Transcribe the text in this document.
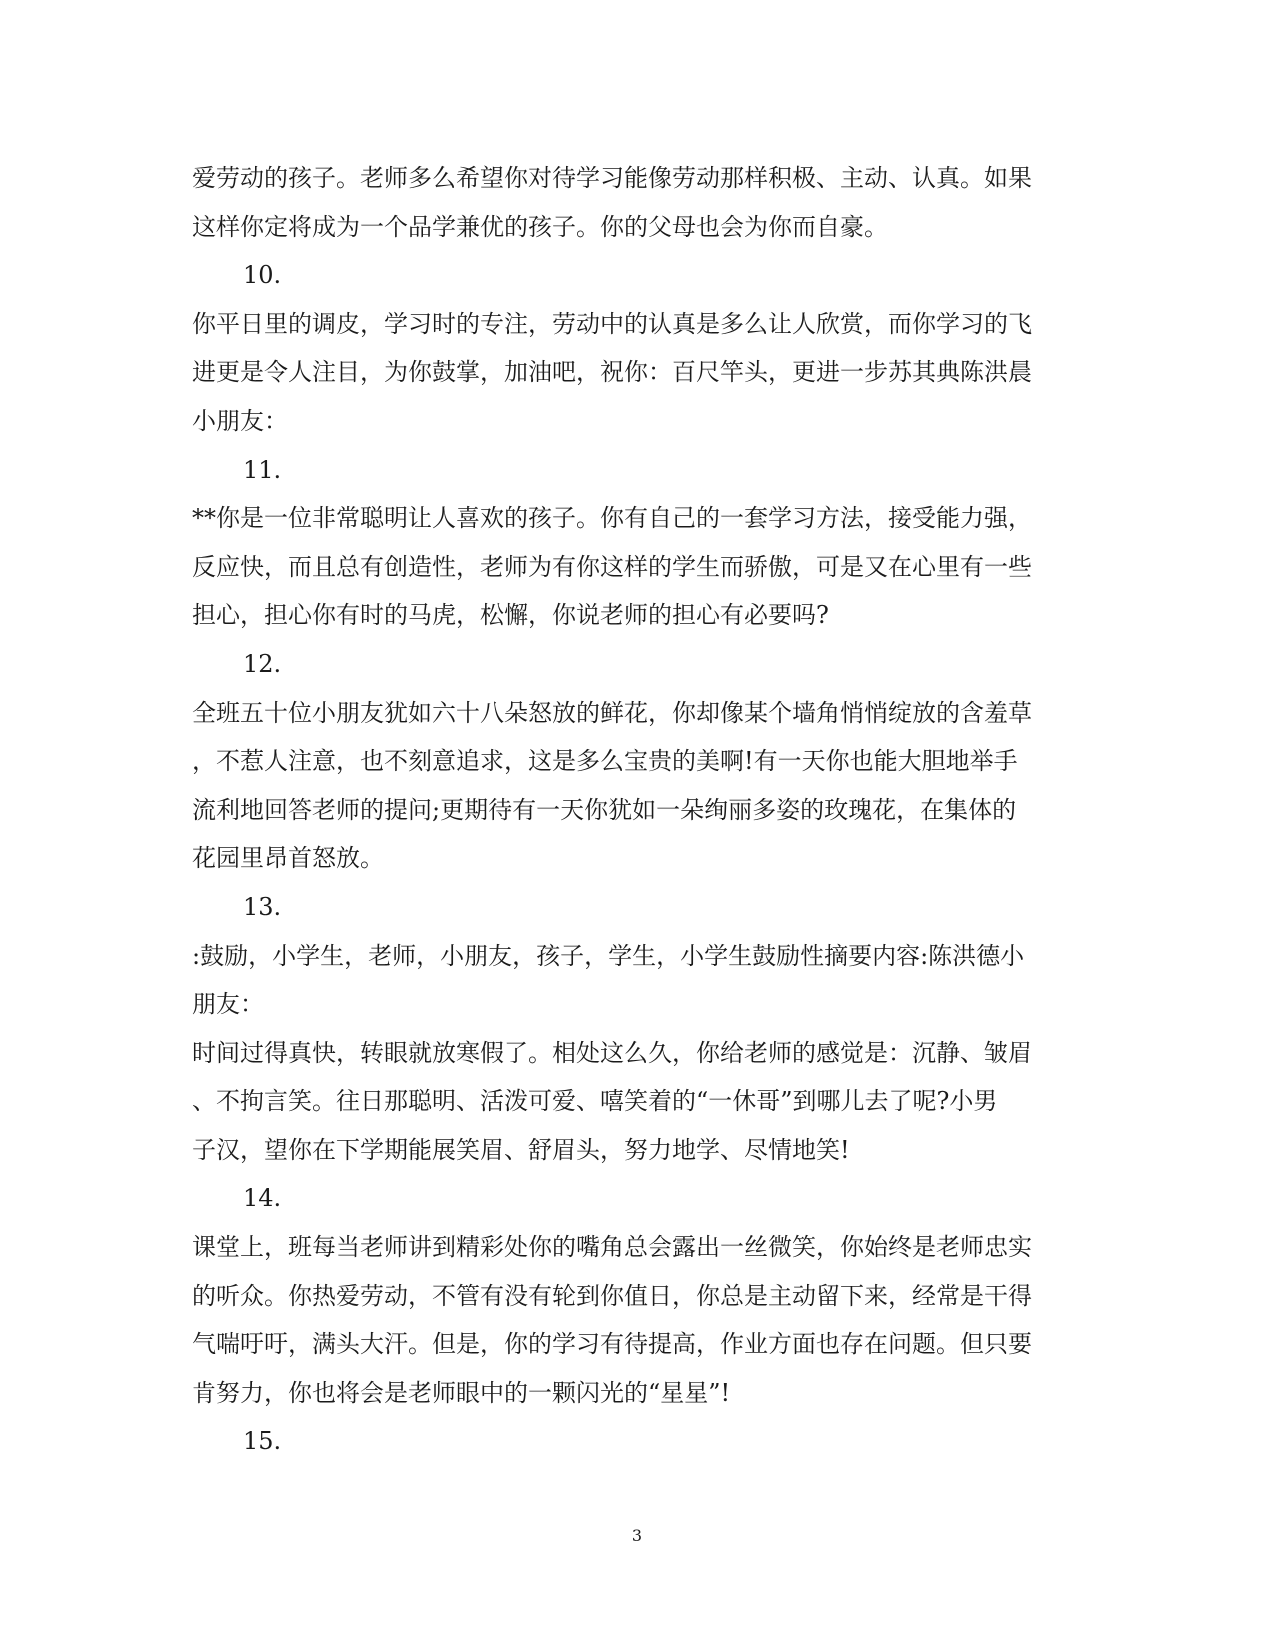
爱劳动的孩子。老师多么希望你对待学习能像劳动那样积极、主动、认真。如果
这样你定将成为一个品学兼优的孩子。你的父母也会为你而自豪。
10.
你平日里的调皮，学习时的专注，劳动中的认真是多么让人欣赏，而你学习的飞
进更是令人注目，为你鼓掌，加油吧，祝你：百尺竿头，更进一步苏其典陈洪晨
小朋友：
11.
**你是一位非常聪明让人喜欢的孩子。你有自己的一套学习方法，接受能力强，
反应快，而且总有创造性，老师为有你这样的学生而骄傲，可是又在心里有一些
担心，担心你有时的马虎，松懈，你说老师的担心有必要吗?
12.
全班五十位小朋友犹如六十八朵怒放的鲜花，你却像某个墙角悄悄绽放的含羞草
，不惹人注意，也不刻意追求，这是多么宝贵的美啊!有一天你也能大胆地举手
流利地回答老师的提问;更期待有一天你犹如一朵绚丽多姿的玫瑰花，在集体的
花园里昂首怒放。
13.
:鼓励，小学生，老师，小朋友，孩子，学生，小学生鼓励性摘要内容:陈洪德小
朋友：
时间过得真快，转眼就放寒假了。相处这么久，你给老师的感觉是：沉静、皱眉
、不拘言笑。往日那聪明、活泼可爱、嘻笑着的“一休哥”到哪儿去了呢?小男
子汉，望你在下学期能展笑眉、舒眉头，努力地学、尽情地笑!
14.
课堂上，班每当老师讲到精彩处你的嘴角总会露出一丝微笑，你始终是老师忠实
的听众。你热爱劳动，不管有没有轮到你值日，你总是主动留下来，经常是干得
气喘吁吁，满头大汗。但是，你的学习有待提高，作业方面也存在问题。但只要
肯努力，你也将会是老师眼中的一颗闪光的“星星”!
15.
3
